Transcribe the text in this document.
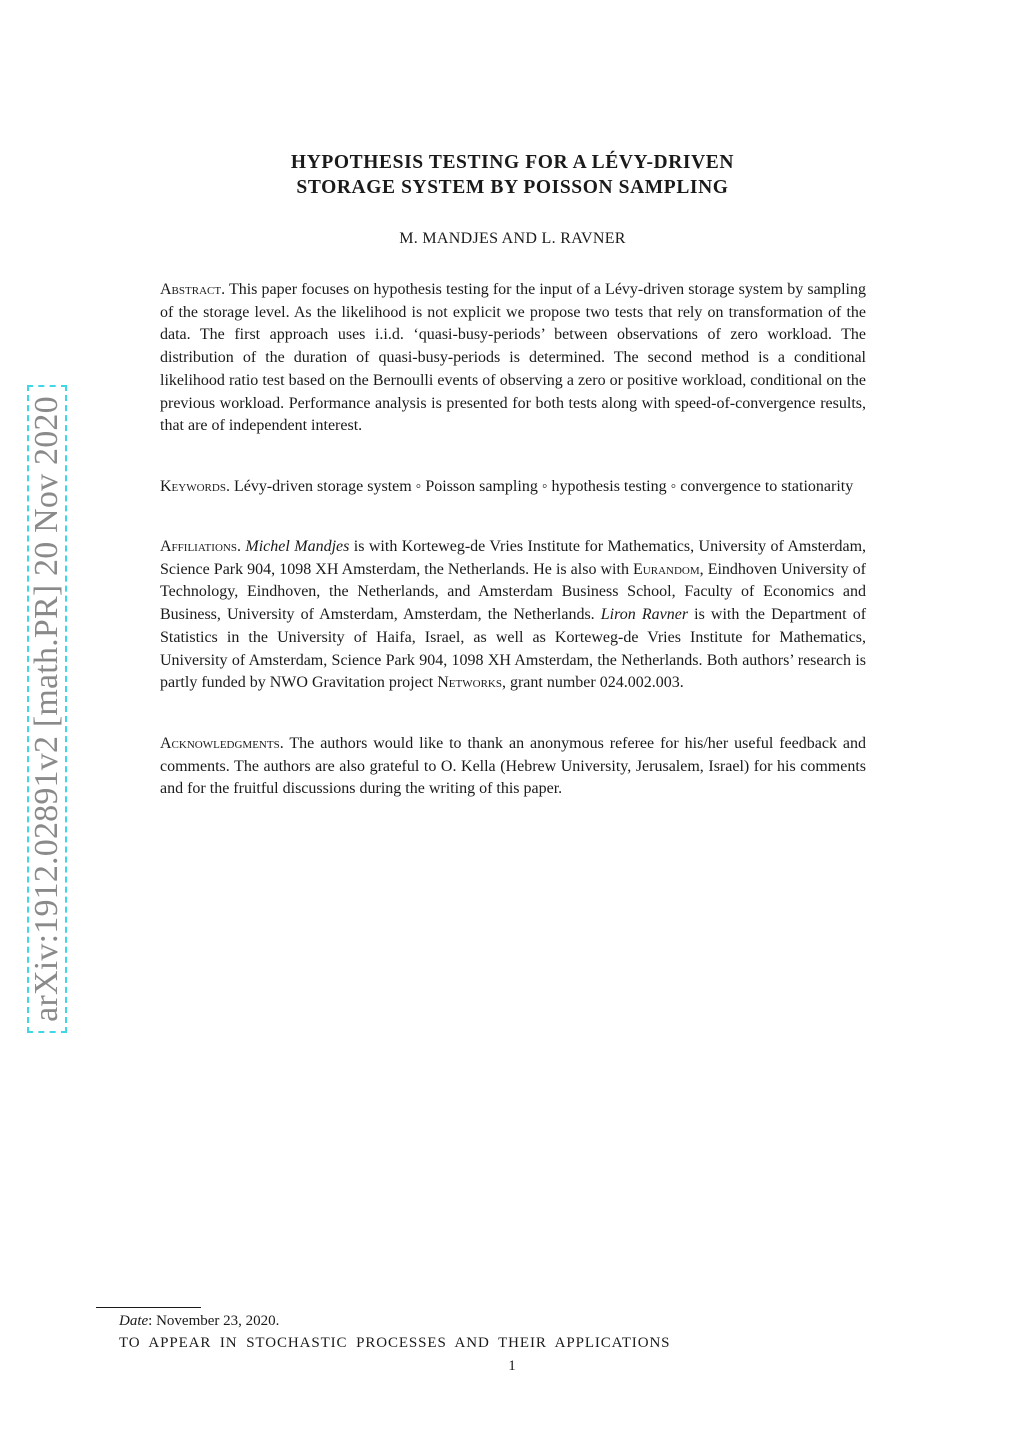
arXiv:1912.02891v2 [math.PR] 20 Nov 2020
HYPOTHESIS TESTING FOR A LÉVY-DRIVEN
STORAGE SYSTEM BY POISSON SAMPLING
M. MANDJES AND L. RAVNER
Abstract. This paper focuses on hypothesis testing for the input of a Lévy-driven storage system by sampling of the storage level. As the likelihood is not explicit we propose two tests that rely on transformation of the data. The first approach uses i.i.d. ‘quasi-busy-periods’ between observations of zero workload. The distribution of the duration of quasi-busy-periods is determined. The second method is a conditional likelihood ratio test based on the Bernoulli events of observing a zero or positive workload, conditional on the previous workload. Performance analysis is presented for both tests along with speed-of-convergence results, that are of independent interest.
Keywords. Lévy-driven storage system ◦ Poisson sampling ◦ hypothesis testing ◦ convergence to stationarity
Affiliations. Michel Mandjes is with Korteweg-de Vries Institute for Mathematics, University of Amsterdam, Science Park 904, 1098 XH Amsterdam, the Netherlands. He is also with Eurandom, Eindhoven University of Technology, Eindhoven, the Netherlands, and Amsterdam Business School, Faculty of Economics and Business, University of Amsterdam, Amsterdam, the Netherlands. Liron Ravner is with the Department of Statistics in the University of Haifa, Israel, as well as Korteweg-de Vries Institute for Mathematics, University of Amsterdam, Science Park 904, 1098 XH Amsterdam, the Netherlands. Both authors’ research is partly funded by NWO Gravitation project Networks, grant number 024.002.003.
Acknowledgments. The authors would like to thank an anonymous referee for his/her useful feedback and comments. The authors are also grateful to O. Kella (Hebrew University, Jerusalem, Israel) for his comments and for the fruitful discussions during the writing of this paper.
Date: November 23, 2020.
TO APPEAR IN STOCHASTIC PROCESSES AND THEIR APPLICATIONS
1
